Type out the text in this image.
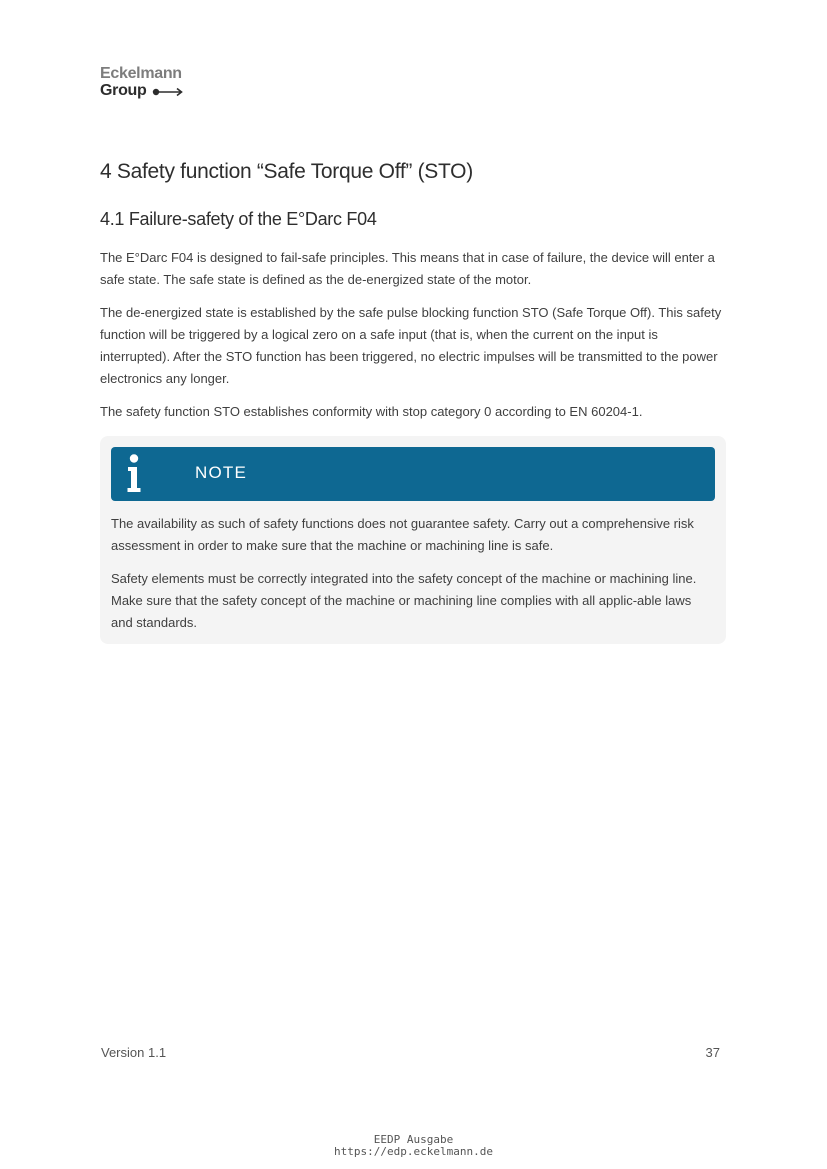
Eckelmann
Group
4 Safety function “Safe Torque Off” (STO)
4.1 Failure-safety of the E°Darc F04

The E°Darc F04 is designed to fail-safe principles. This means that in case of failure, the device will enter a safe state. The safe state is defined as the de-energized state of the motor.

The de-energized state is established by the safe pulse blocking function STO (Safe Torque Off). This safety function will be triggered by a logical zero on a safe input (that is, when the current on the input is interrupted). After the STO function has been triggered, no electric impulses will be transmitted to the power electronics any longer.

The safety function STO establishes conformity with stop category 0 according to EN 60204-1.

NOTE

The availability as such of safety functions does not guarantee safety. Carry out a comprehensive risk assessment in order to make sure that the machine or machining line is safe.

Safety elements must be correctly integrated into the safety concept of the machine or machining line. Make sure that the safety concept of the machine or machining line complies with all applic-able laws and standards.

Version 1.1	37
EEDP Ausgabe
https://edp.eckelmann.de
